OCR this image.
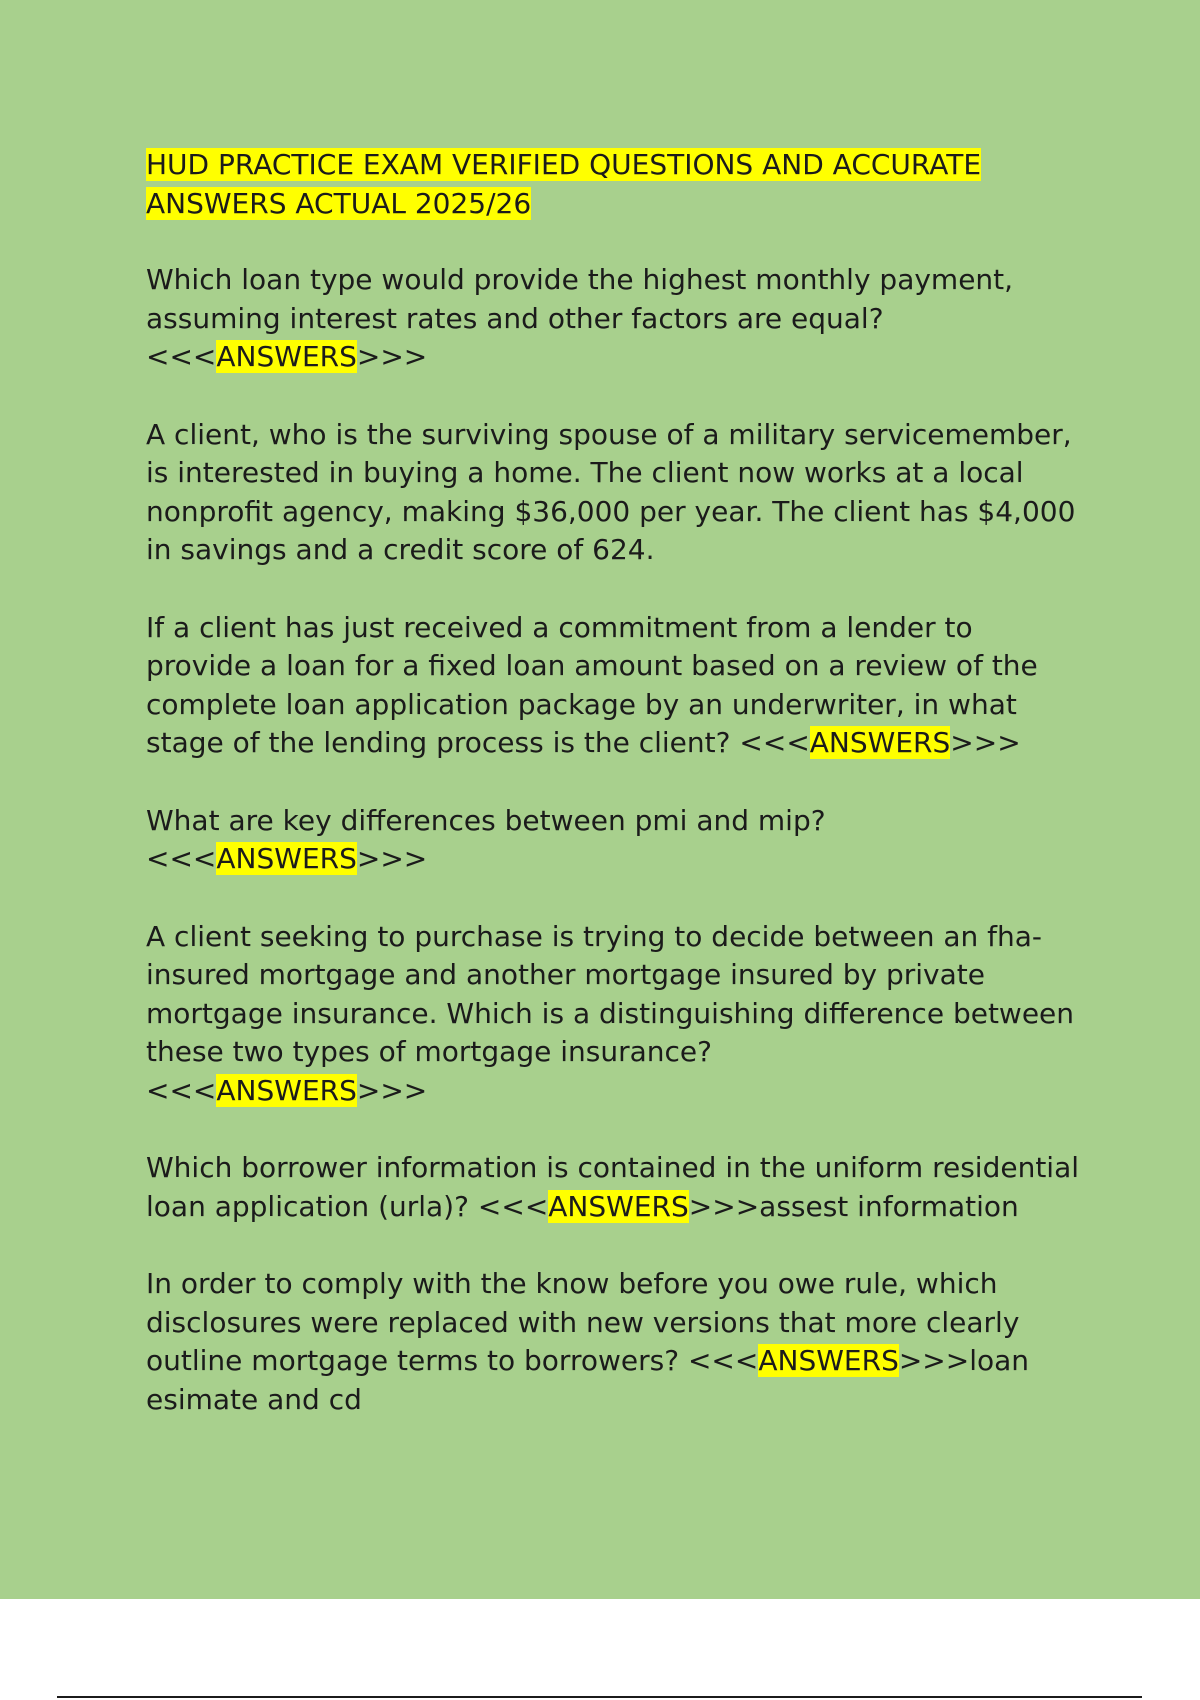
HUD PRACTICE EXAM VERIFIED QUESTIONS AND ACCURATE
ANSWERS ACTUAL 2025/26

Which loan type would provide the highest monthly payment, assuming interest rates and other factors are equal?
<<<ANSWERS>>>

A client, who is the surviving spouse of a military servicemember, is interested in buying a home. The client now works at a local nonprofit agency, making $36,000 per year. The client has $4,000 in savings and a credit score of 624.

If a client has just received a commitment from a lender to provide a loan for a fixed loan amount based on a review of the complete loan application package by an underwriter, in what stage of the lending process is the client? <<<ANSWERS>>>

What are key differences between pmi and mip? <<<ANSWERS>>>

A client seeking to purchase is trying to decide between an fha-insured mortgage and another mortgage insured by private mortgage insurance. Which is a distinguishing difference between these two types of mortgage insurance?
<<<ANSWERS>>>

Which borrower information is contained in the uniform residential loan application (urla)? <<<ANSWERS>>>assest information

In order to comply with the know before you owe rule, which disclosures were replaced with new versions that more clearly outline mortgage terms to borrowers? <<<ANSWERS>>>loan esimate and cd
